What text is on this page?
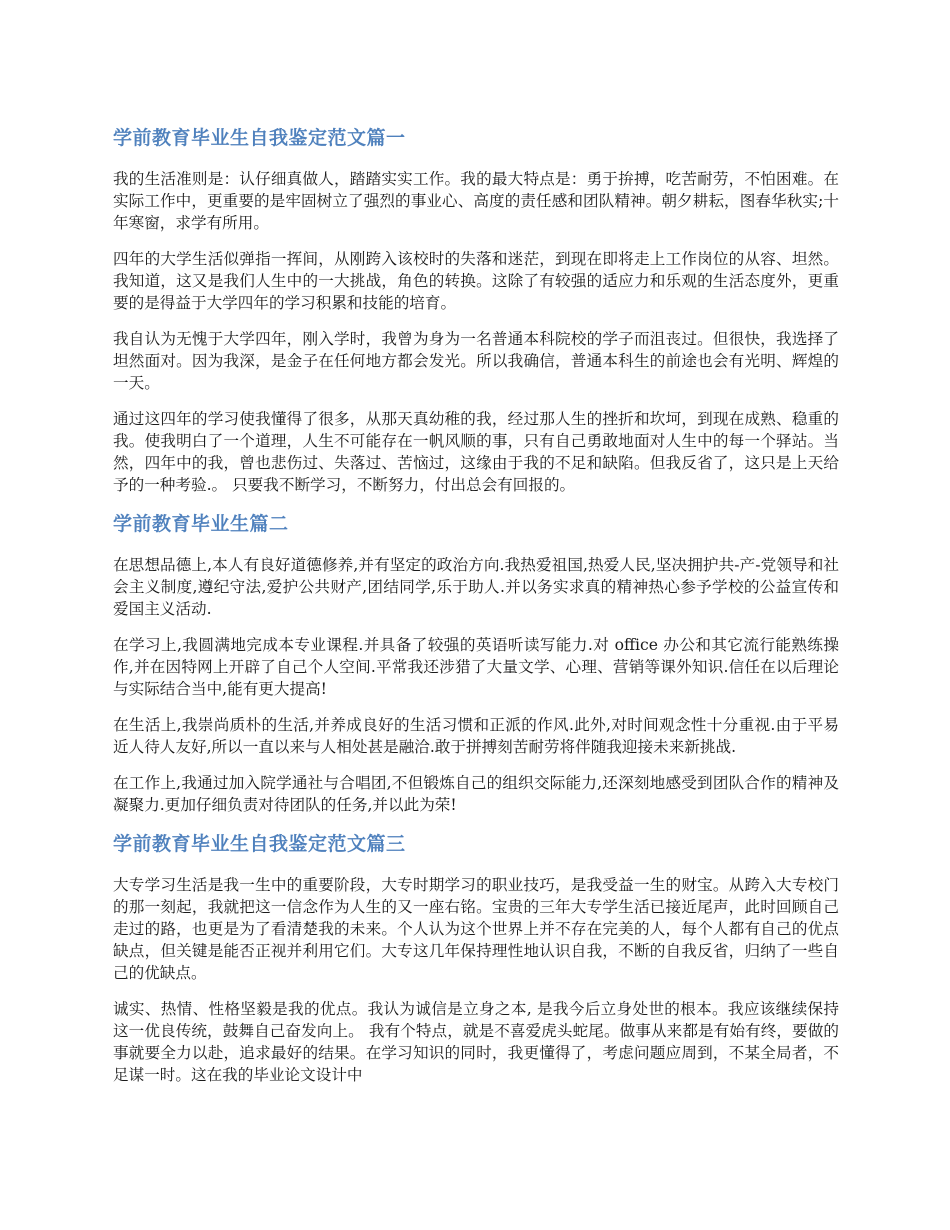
学前教育毕业生自我鉴定范文篇一

我的生活准则是：认仔细真做人，踏踏实实工作。我的最大特点是：勇于拚搏，吃苦耐劳，不怕困难。在实际工作中，更重要的是牢固树立了强烈的事业心、高度的责任感和团队精神。朝夕耕耘，图春华秋实;十年寒窗，求学有所用。

四年的大学生活似弹指一挥间，从刚跨入该校时的失落和迷茫，到现在即将走上工作岗位的从容、坦然。我知道，这又是我们人生中的一大挑战，角色的转换。这除了有较强的适应力和乐观的生活态度外，更重要的是得益于大学四年的学习积累和技能的培育。

我自认为无愧于大学四年，刚入学时，我曾为身为一名普通本科院校的学子而沮丧过。但很快，我选择了坦然面对。因为我深，是金子在任何地方都会发光。所以我确信，普通本科生的前途也会有光明、辉煌的一天。

通过这四年的学习使我懂得了很多，从那天真幼稚的我，经过那人生的挫折和坎坷，到现在成熟、稳重的我。使我明白了一个道理，人生不可能存在一帆风顺的事，只有自己勇敢地面对人生中的每一个驿站。当然，四年中的我，曾也悲伤过、失落过、苦恼过，这缘由于我的不足和缺陷。但我反省了，这只是上天给予的一种考验.。 只要我不断学习，不断努力，付出总会有回报的。

学前教育毕业生篇二

在思想品德上,本人有良好道德修养,并有坚定的政治方向.我热爱祖国,热爱人民,坚决拥护共-产-党领导和社会主义制度,遵纪守法,爱护公共财产,团结同学,乐于助人.并以务实求真的精神热心参予学校的公益宣传和爱国主义活动.

在学习上,我圆满地完成本专业课程.并具备了较强的英语听读写能力.对 office 办公和其它流行能熟练操作,并在因特网上开辟了自己个人空间.平常我还涉猎了大量文学、心理、营销等课外知识.信任在以后理论与实际结合当中,能有更大提高!

在生活上,我崇尚质朴的生活,并养成良好的生活习惯和正派的作风.此外,对时间观念性十分重视.由于平易近人待人友好,所以一直以来与人相处甚是融洽.敢于拼搏刻苦耐劳将伴随我迎接未来新挑战.

在工作上,我通过加入院学通社与合唱团,不但锻炼自己的组织交际能力,还深刻地感受到团队合作的精神及凝聚力.更加仔细负责对待团队的任务,并以此为荣!

学前教育毕业生自我鉴定范文篇三

大专学习生活是我一生中的重要阶段，大专时期学习的职业技巧，是我受益一生的财宝。从跨入大专校门的那一刻起，我就把这一信念作为人生的又一座右铭。宝贵的三年大专学生活已接近尾声，此时回顾自己走过的路，也更是为了看清楚我的未来。个人认为这个世界上并不存在完美的人，每个人都有自己的优点缺点，但关键是能否正视并利用它们。大专这几年保持理性地认识自我，不断的自我反省，归纳了一些自己的优缺点。

诚实、热情、性格坚毅是我的优点。我认为诚信是立身之本, 是我今后立身处世的根本。我应该继续保持这一优良传统，鼓舞自己奋发向上。 我有个特点，就是不喜爱虎头蛇尾。做事从来都是有始有终，要做的事就要全力以赴，追求最好的结果。在学习知识的同时，我更懂得了，考虑问题应周到，不某全局者，不足谋一时。这在我的毕业论文设计中
